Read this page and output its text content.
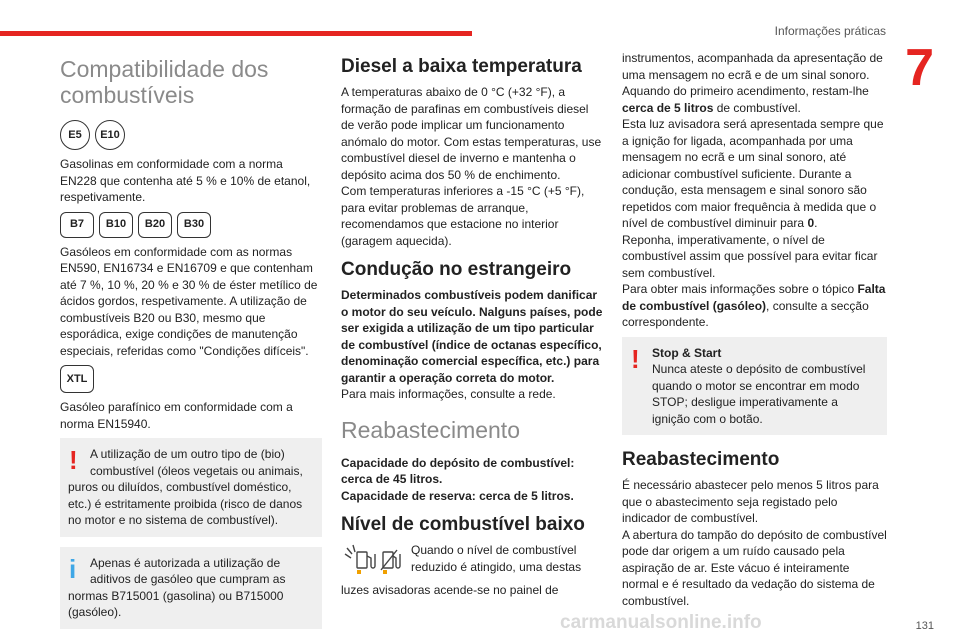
Informações práticas
7
Compatibilidade dos combustíveis
E5	E10

Gasolinas em conformidade com a norma EN228 que contenha até 5 % e 10% de etanol, respetivamente.

B7	B10	B20	B30

Gasóleos em conformidade com as normas EN590, EN16734 e EN16709 e que contenham até 7 %, 10 %, 20 % e 30 % de éster metílico de ácidos gordos, respetivamente. A utilização de combustíveis B20 ou B30, mesmo que esporádica, exige condições de manutenção especiais, referidas como "Condições difíceis".

XTL

Gasóleo parafínico em conformidade com a norma EN15940.

!	A utilização de um outro tipo de (bio) combustível (óleos vegetais ou animais,
puros ou diluídos, combustível doméstico, etc.) é estritamente proibida (risco de danos no motor e no sistema de combustível).
i	Apenas é autorizada a utilização de aditivos de gasóleo que cumpram as
normas B715001 (gasolina) ou B715000 (gasóleo).
Diesel a baixa temperatura

A temperaturas abaixo de 0 °C (+32 °F), a formação de parafinas em combustíveis diesel de verão pode implicar um funcionamento anómalo do motor. Com estas temperaturas, use combustível diesel de inverno e mantenha o depósito acima dos 50 % de enchimento.

Com temperaturas inferiores a -15 °C (+5 °F), para evitar problemas de arranque, recomendamos que estacione no interior (garagem aquecida).

Condução no estrangeiro

Determinados combustíveis podem danificar o motor do seu veículo. Nalguns países, pode ser exigida a utilização de um tipo particular de combustível (índice de octanas específico, denominação comercial específica, etc.) para garantir a operação correta do motor.

Para mais informações, consulte a rede.

Reabastecimento

Capacidade do depósito de combustível: cerca de 45 litros.

Capacidade de reserva: cerca de 5 litros.

Nível de combustível baixo

Quando o nível de combustível reduzido é atingido, uma destas

luzes avisadoras acende-se no painel de

instrumentos, acompanhada da apresentação de uma mensagem no ecrã e de um sinal sonoro.

Aquando do primeiro acendimento, restam-lhe cerca de 5 litros de combustível.

Esta luz avisadora será apresentada sempre que a ignição for ligada, acompanhada por uma mensagem no ecrã e um sinal sonoro, até adicionar combustível suficiente. Durante a condução, esta mensagem e sinal sonoro são repetidos com maior frequência à medida que o nível de combustível diminuir para 0.

Reponha, imperativamente, o nível de combustível assim que possível para evitar ficar sem combustível.

Para obter mais informações sobre o tópico Falta de combustível (gasóleo), consulte a secção correspondente.

! Stop & Start
Nunca ateste o depósito de combustível quando o motor se encontrar em modo STOP; desligue imperativamente a ignição com o botão.
Reabastecimento

É necessário abastecer pelo menos 5 litros para que o abastecimento seja registado pelo indicador de combustível.

A abertura do tampão do depósito de combustível pode dar origem a um ruído causado pela aspiração de ar. Este vácuo é inteiramente normal e é resultado da vedação do sistema de combustível.

carmanualsonline.info	131
